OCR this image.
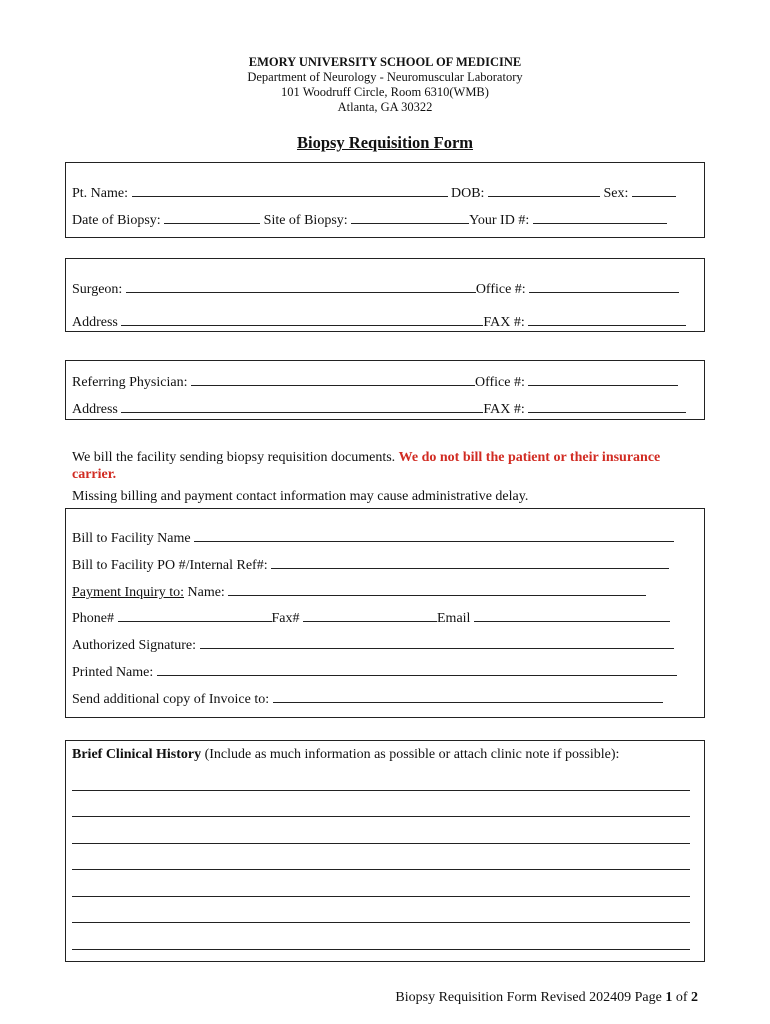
EMORY UNIVERSITY SCHOOL OF MEDICINE
Department of Neurology - Neuromuscular Laboratory
101 Woodruff Circle, Room 6310(WMB)
Atlanta, GA 30322
Biopsy Requisition Form
Pt. Name:	DOB:	Sex:
Date of Biopsy:	Site of Biopsy:	Your ID #:
Surgeon:	Office #:
Address	FAX #:
Referring Physician:	Office #:
Address	FAX #:
We bill the facility sending biopsy requisition documents. We do not bill the patient or their insurance carrier.
Missing billing and payment contact information may cause administrative delay.
Bill to Facility Name
Bill to Facility PO #/Internal Ref#:
Payment Inquiry to: Name:
Phone#	Fax#	Email
Authorized Signature:
Printed Name:
Send additional copy of Invoice to:
Brief Clinical History (Include as much information as possible or attach clinic note if possible):
Biopsy Requisition Form Revised 202409 Page 1 of 2
